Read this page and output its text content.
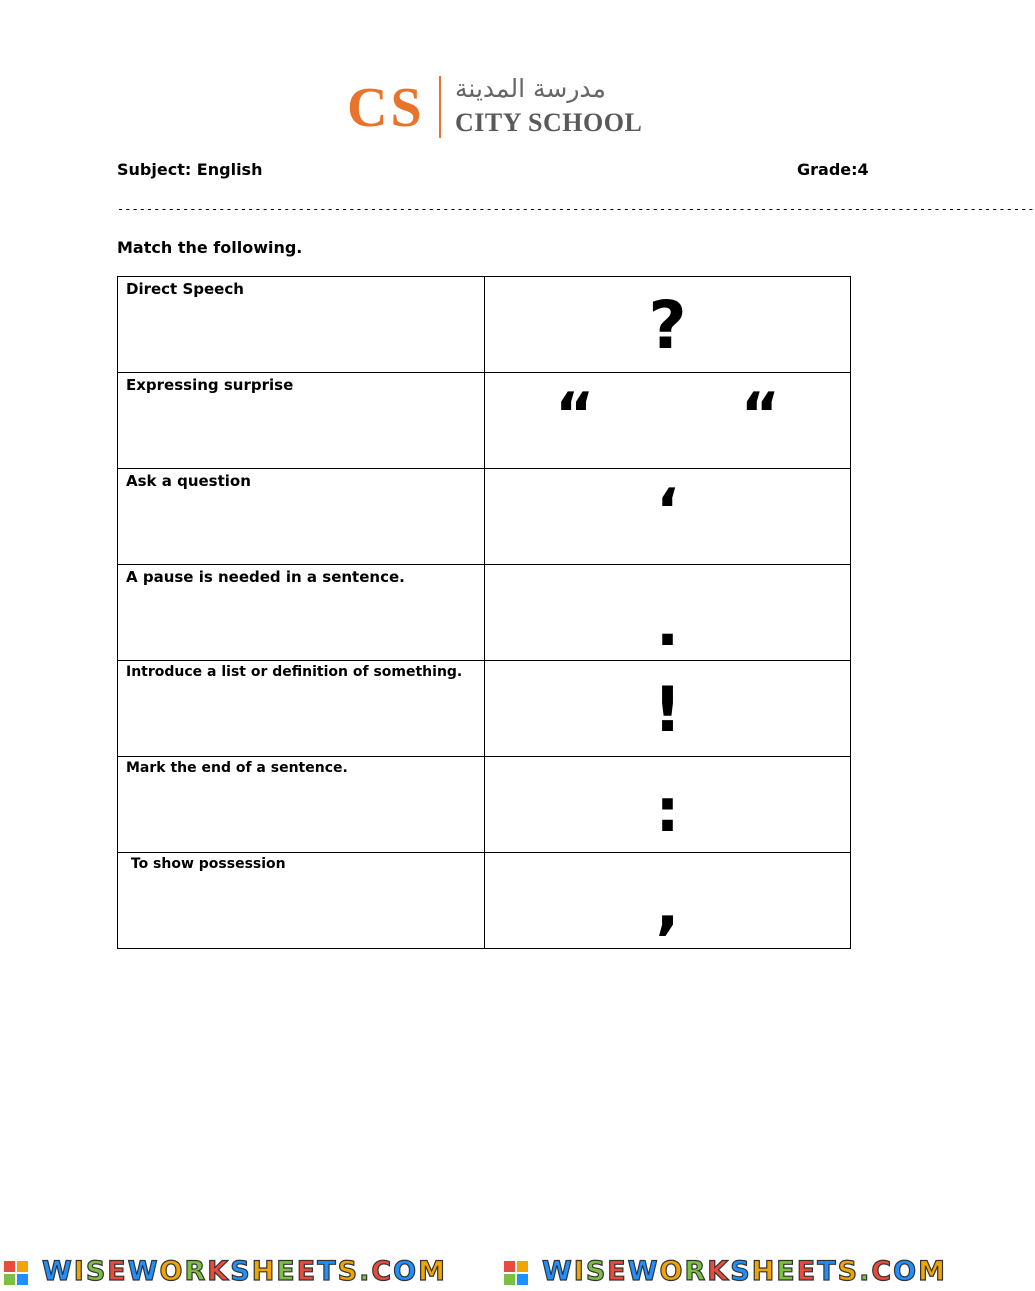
CS مدرسة المدينة
CITY SCHOOL
Subject: English	Grade:4
-------------------------------------------------------------------------------------------------------------------------------
Match the following.
Direct Speech	?

Expressing surprise	“       “

Ask a question	‘

A pause is needed in a sentence.	.

Introduce a list or definition of something.	!

Mark the end of a sentence.	:

To show possession	,
WISEWORKSHEETS.COM	WISEWORKSHEETS.COM
